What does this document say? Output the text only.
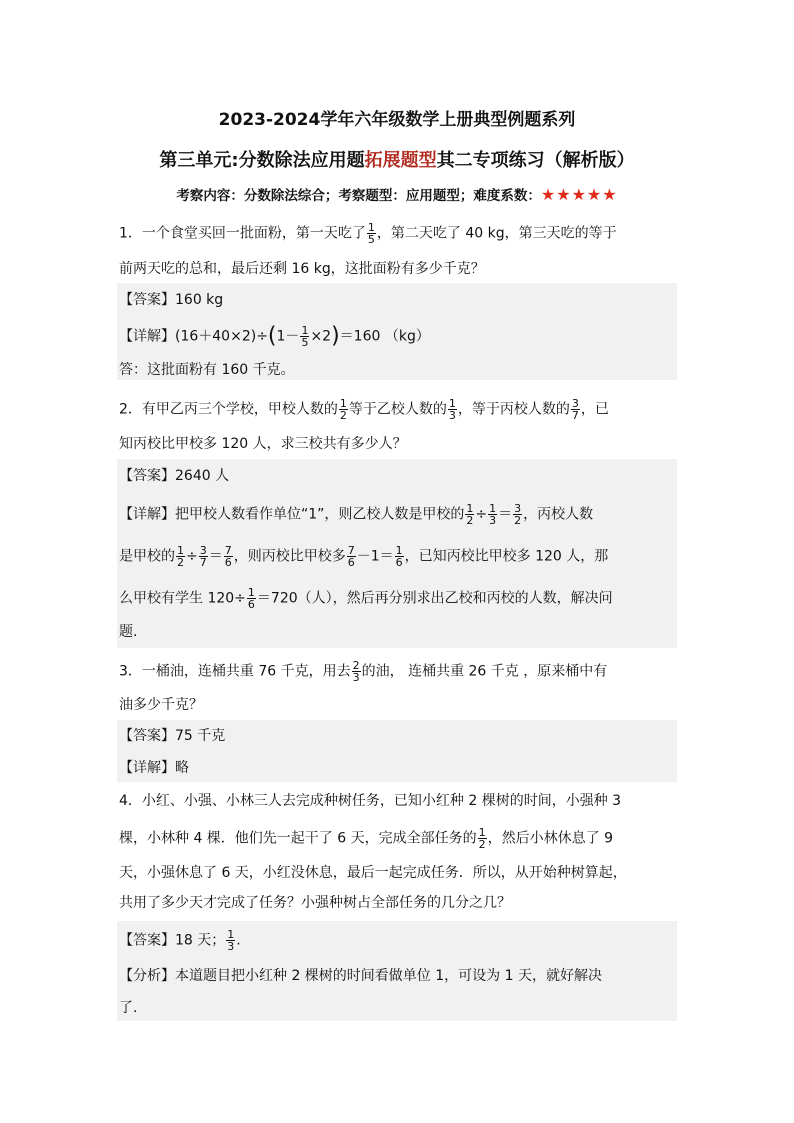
2023-2024学年六年级数学上册典型例题系列
第三单元:分数除法应用题拓展题型其二专项练习（解析版）
考察内容：分数除法综合；考察题型：应用题型；难度系数：★★★★★
1．一个食堂买回一批面粉，第一天吃了 $\frac{1}{5}$ ，第二天吃了 40 kg，第三天吃的等于
前两天吃的总和，最后还剩 16 kg，这批面粉有多少千克？
【答案】160 kg
【详解】$(16+40\times 2)\div(1- \frac{1}{5} \times 2)=160$ （kg）
答：这批面粉有 160 千克。
2．有甲乙丙三个学校，甲校人数的 $\frac{1}{2}$ 等于乙校人数的 $\frac{1}{3}$ ，等于丙校人数的 $\frac{3}{7}$ ，已
知丙校比甲校多 120 人，求三校共有多少人？
【答案】2640 人
【详解】把甲校人数看作单位“1”，则乙校人数是甲校的 $\frac{1}{2} \div \frac{1}{3} = \frac{3}{2}$ ，丙校人数
是甲校的 $\frac{1}{2} \div \frac{3}{7} = \frac{7}{6}$ ，则丙校比甲校多 $\frac{7}{6} -1= \frac{1}{6}$ ，已知丙校比甲校多 120 人，那
么甲校有学生 $120\div \frac{1}{6} =720$（人），然后再分别求出乙校和丙校的人数，解决问
题.
3．一桶油，连桶共重 76 千克，用去 $\frac{2}{3}$ 的油， 连桶共重 26 千克 ，原来桶中有
油多少千克？
【答案】75 千克
【详解】略
4．小红、小强、小林三人去完成种树任务，已知小红种 2 棵树的时间，小强种 3
棵，小林种 4 棵．他们先一起干了 6 天，完成全部任务的 $\frac{1}{2}$ ，然后小林休息了 9
天，小强休息了 6 天，小红没休息，最后一起完成任务．所以，从开始种树算起，
共用了多少天才完成了任务？小强种树占全部任务的几分之几？
【答案】18 天； $\frac{1}{3}$ .
【分析】本道题目把小红种 2 棵树的时间看做单位 1，可设为 1 天，就好解决
了.
